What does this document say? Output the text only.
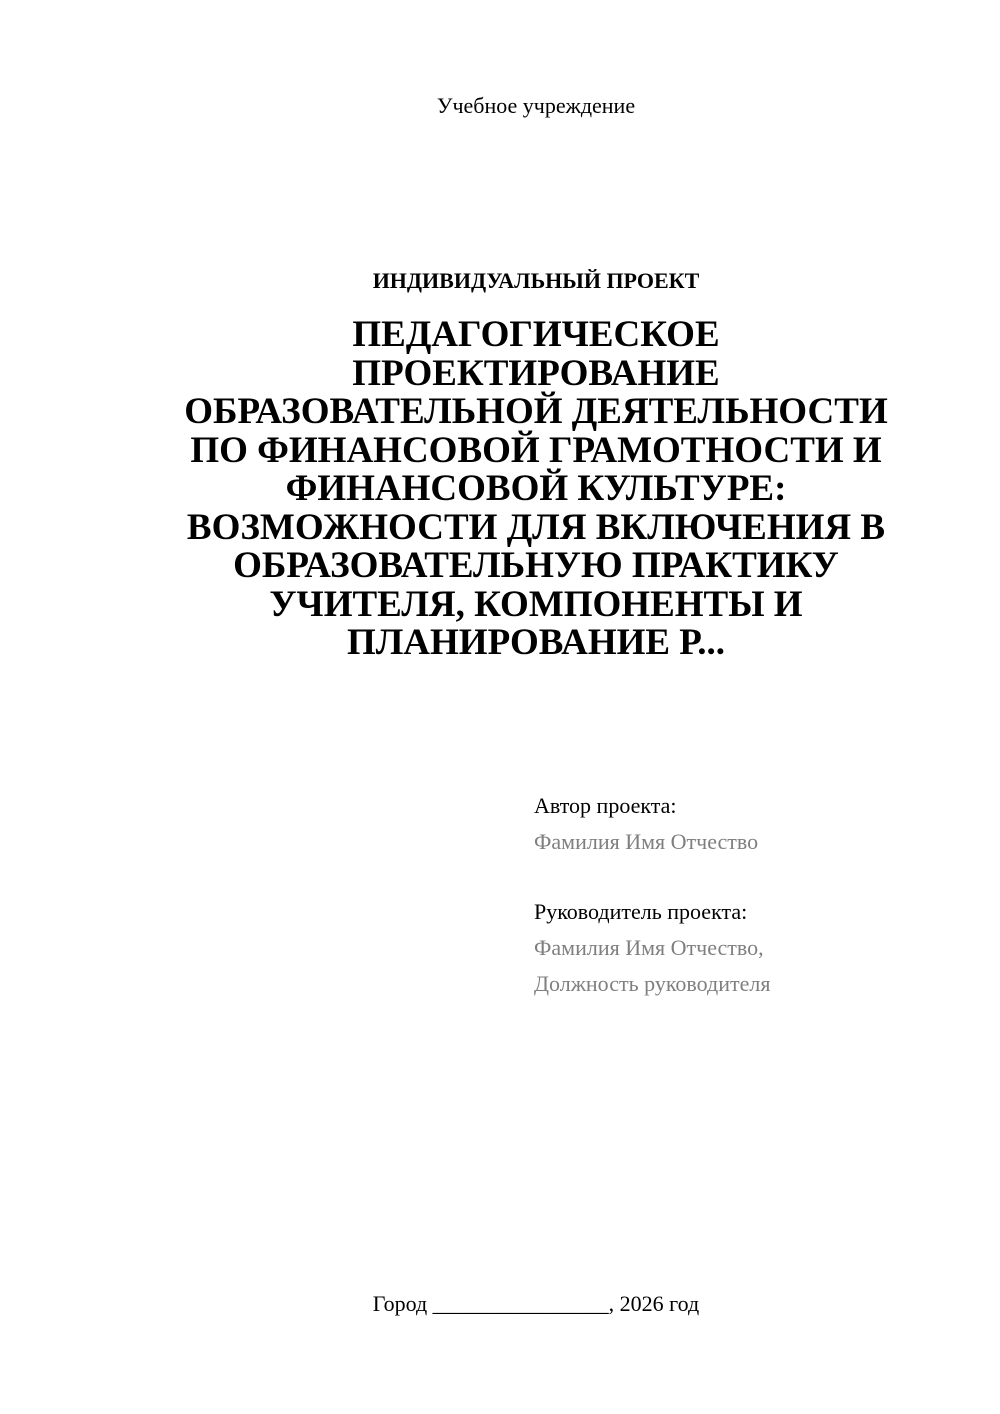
Учебное учреждение
ИНДИВИДУАЛЬНЫЙ ПРОЕКТ
ПЕДАГОГИЧЕСКОЕ
ПРОЕКТИРОВАНИЕ
ОБРАЗОВАТЕЛЬНОЙ ДЕЯТЕЛЬНОСТИ
ПО ФИНАНСОВОЙ ГРАМОТНОСТИ И
ФИНАНСОВОЙ КУЛЬТУРЕ:
ВОЗМОЖНОСТИ ДЛЯ ВКЛЮЧЕНИЯ В
ОБРАЗОВАТЕЛЬНУЮ ПРАКТИКУ
УЧИТЕЛЯ, КОМПОНЕНТЫ И
ПЛАНИРОВАНИЕ Р...
Автор проекта:
Фамилия Имя Отчество
Руководитель проекта:
Фамилия Имя Отчество,
Должность руководителя
Город ________________, 2026 год
